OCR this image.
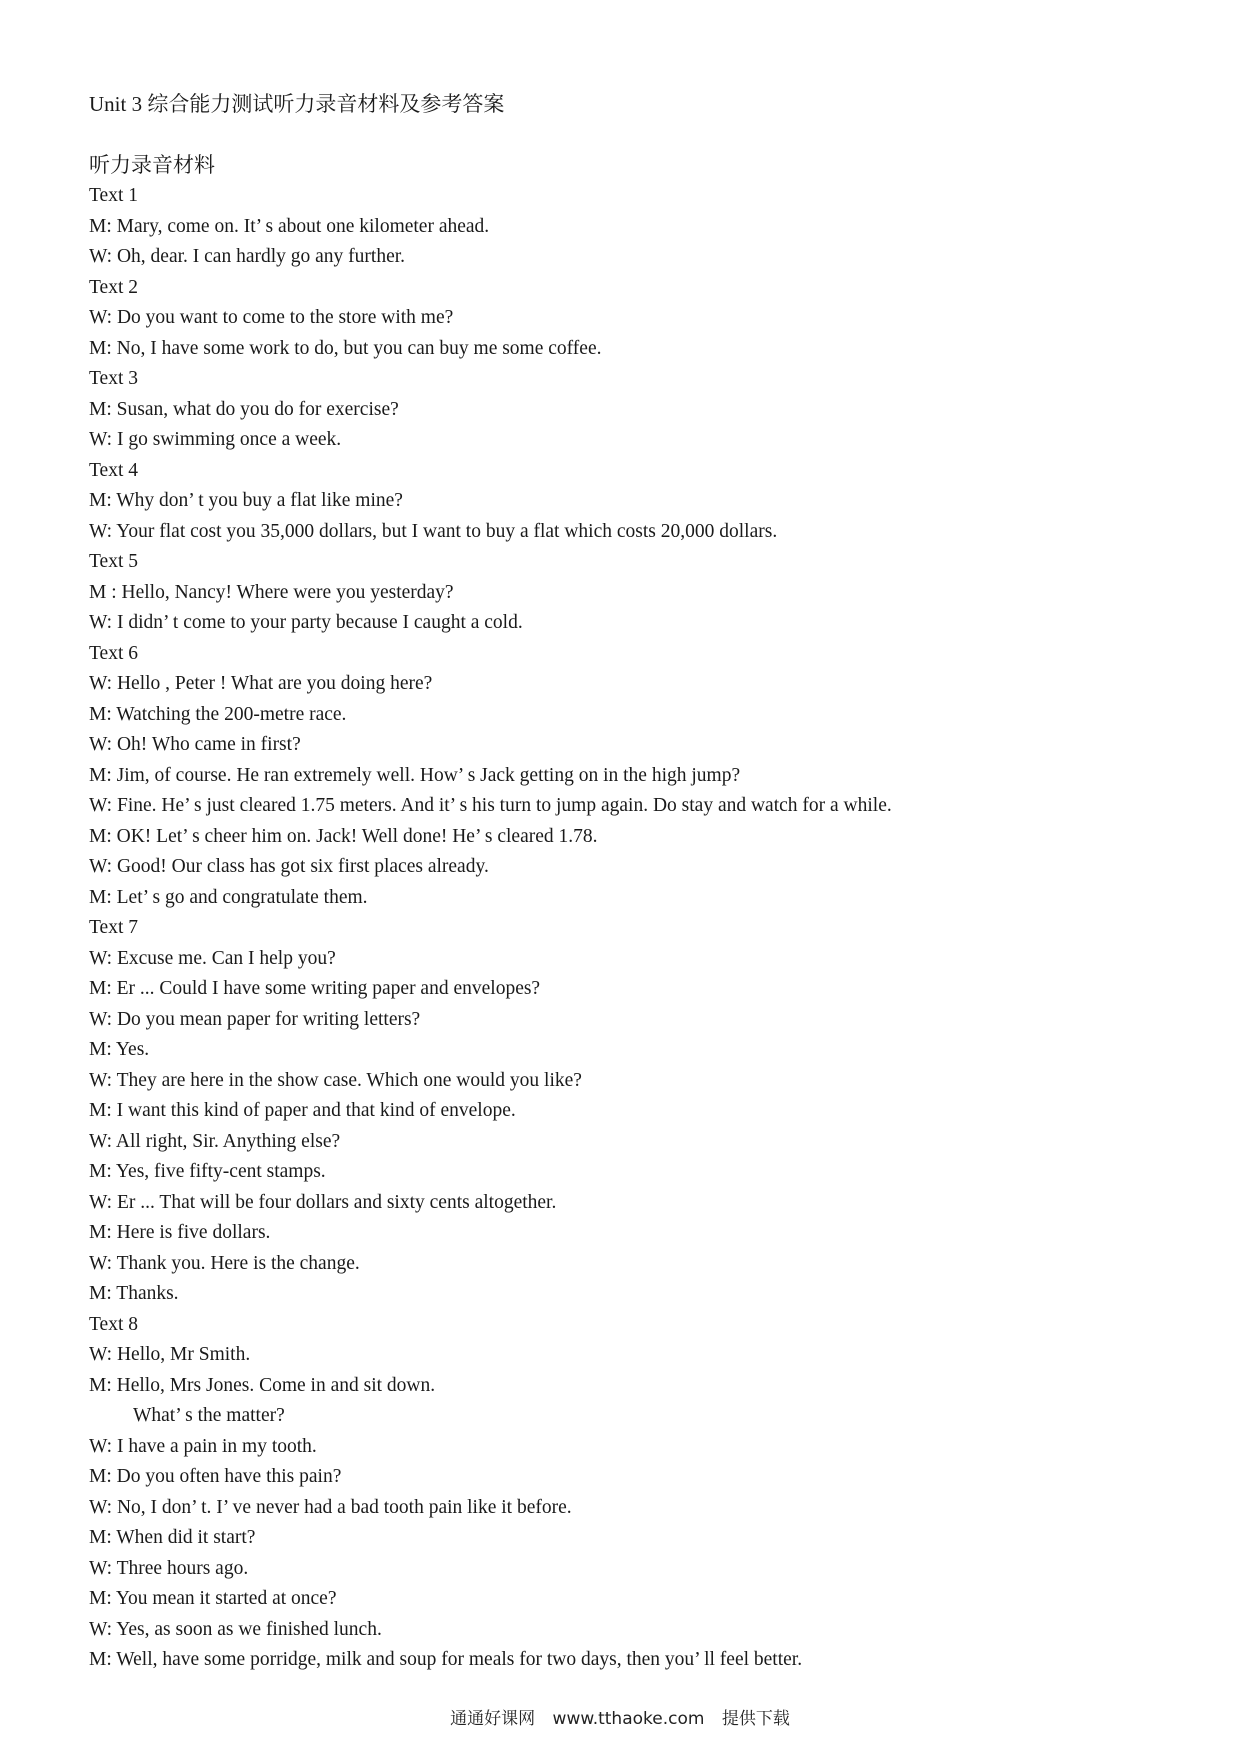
Unit 3 综合能力测试听力录音材料及参考答案
听力录音材料
Text 1
M: Mary, come on. It’ s about one kilometer ahead.
W: Oh, dear. I can hardly go any further.
Text 2
W: Do you want to come to the store with me?
M: No, I have some work to do, but you can buy me some coffee.
Text 3
M: Susan, what do you do for exercise?
W: I go swimming once a week.
Text 4
M: Why don’ t you buy a flat like mine?
W: Your flat cost you 35,000 dollars, but I want to buy a flat which costs 20,000 dollars.
Text 5
M : Hello, Nancy! Where were you yesterday?
W: I didn’ t come to your party because I caught a cold.
Text 6
W: Hello , Peter ! What are you doing here?
M: Watching the 200-metre race.
W: Oh! Who came in first?
M: Jim, of course. He ran extremely well. How’ s Jack getting on in the high jump?
W: Fine. He’ s just cleared 1.75 meters. And it’ s his turn to jump again. Do stay and watch for a while.
M: OK! Let’ s cheer him on. Jack! Well done! He’ s cleared 1.78.
W: Good! Our class has got six first places already.
M: Let’ s go and congratulate them.
Text 7
W: Excuse me. Can I help you?
M: Er ... Could I have some writing paper and envelopes?
W: Do you mean paper for writing letters?
M: Yes.
W: They are here in the show case. Which one would you like?
M: I want this kind of paper and that kind of envelope.
W: All right, Sir. Anything else?
M: Yes, five fifty-cent stamps.
W: Er ... That will be four dollars and sixty cents altogether.
M: Here is five dollars.
W: Thank you. Here is the change.
M: Thanks.
Text 8
W: Hello, Mr Smith.
M: Hello, Mrs Jones. Come in and sit down.
What’ s the matter?
W: I have a pain in my tooth.
M: Do you often have this pain?
W: No, I don’ t. I’ ve never had a bad tooth pain like it before.
M: When did it start?
W: Three hours ago.
M: You mean it started at once?
W: Yes, as soon as we finished lunch.
M: Well, have some porridge, milk and soup for meals for two days, then you’ ll feel better.
通通好课网 www.tthaoke.com 提供下载
